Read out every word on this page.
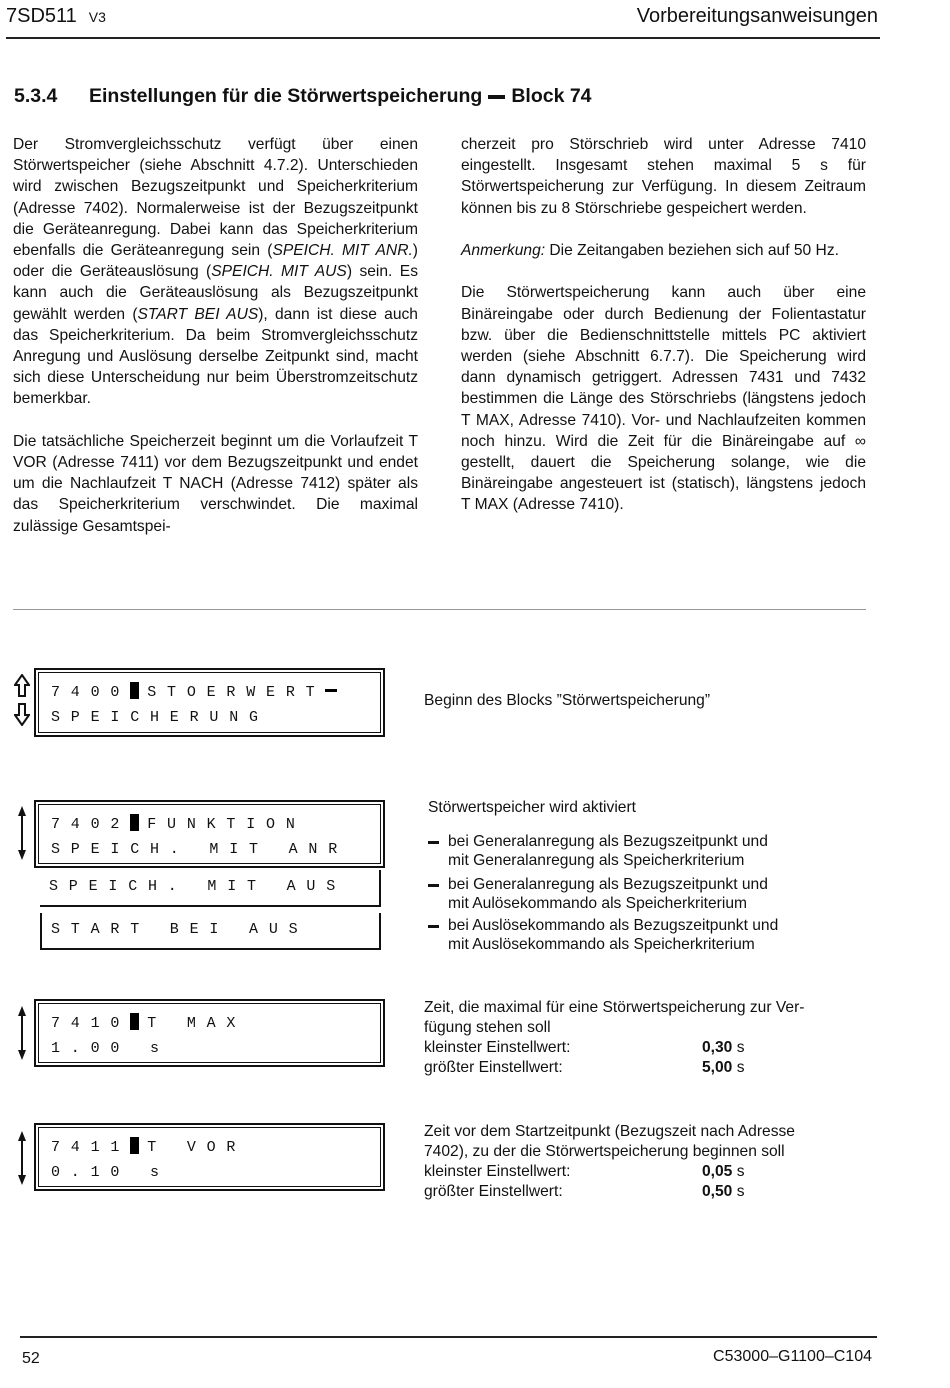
7SD511 V3	Vorbereitungsanweisungen
5.3.4 Einstellungen für die Störwertspeicherung Block 74

Der Stromvergleichsschutz verfügt über einen Störwertspeicher (siehe Abschnitt 4.7.2). Unterschieden wird zwischen Bezugszeitpunkt und Speicherkriterium (Adresse 7402). Normalerweise ist der Bezugszeitpunkt die Geräteanregung. Dabei kann das Speicherkriterium ebenfalls die Geräteanregung sein (SPEICH. MIT ANR.) oder die Geräteauslösung (SPEICH. MIT AUS) sein. Es kann auch die Geräteauslösung als Bezugszeitpunkt gewählt werden (START BEI AUS), dann ist diese auch das Speicherkriterium. Da beim Stromvergleichsschutz Anregung und Auslösung derselbe Zeitpunkt sind, macht sich diese Unterscheidung nur beim Überstromzeitschutz bemerkbar.

Die tatsächliche Speicherzeit beginnt um die Vorlaufzeit T VOR (Adresse 7411) vor dem Bezugszeitpunkt und endet um die Nachlaufzeit T NACH (Adresse 7412) später als das Speicherkriterium verschwindet. Die maximal zulässige Gesamtspei-

cherzeit pro Störschrieb wird unter Adresse 7410 eingestellt. Insgesamt stehen maximal 5 s für Störwertspeicherung zur Verfügung. In diesem Zeitraum können bis zu 8 Störschriebe gespeichert werden.

Anmerkung: Die Zeitangaben beziehen sich auf 50 Hz.

Die Störwertspeicherung kann auch über eine Binäreingabe oder durch Bedienung der Folientastatur bzw. über die Bedienschnittstelle mittels PC aktiviert werden (siehe Abschnitt 6.7.7). Die Speicherung wird dann dynamisch getriggert. Adressen 7431 und 7432 bestimmen die Länge des Störschriebs (längstens jedoch T MAX, Adresse 7410). Vor- und Nachlaufzeiten kommen noch hinzu. Wird die Zeit für die Binäreingabe auf ∞ gestellt, dauert die Speicherung solange, wie die Binäreingabe angesteuert ist (statisch), längstens jedoch T MAX (Adresse 7410).

7400 STOERWERT
SPEICHERUNG
Beginn des Blocks ”Störwertspeicherung”
7402 FUNKTION
SPEICH. MIT ANR
SPEICH. MIT AUS
START BEI AUS
Störwertspeicher wird aktiviert
bei Generalanregung als Bezugszeitpunkt und
mit Generalanregung als Speicherkriterium
bei Generalanregung als Bezugszeitpunkt und
mit Aulösekommando als Speicherkriterium
bei Auslösekommando als Bezugszeitpunkt und
mit Auslösekommando als Speicherkriterium
7410 T MAX
1.00 s
Zeit, die maximal für eine Störwertspeicherung zur Ver-
fügung stehen soll
kleinster Einstellwert:	0,30 s
größter Einstellwert:	5,00 s
7411 T VOR
0.10 s
Zeit vor dem Startzeitpunkt (Bezugszeit nach Adresse
7402), zu der die Störwertspeicherung beginnen soll
kleinster Einstellwert:	0,05 s
größter Einstellwert:	0,50 s
52	C53000–G1100–C104
